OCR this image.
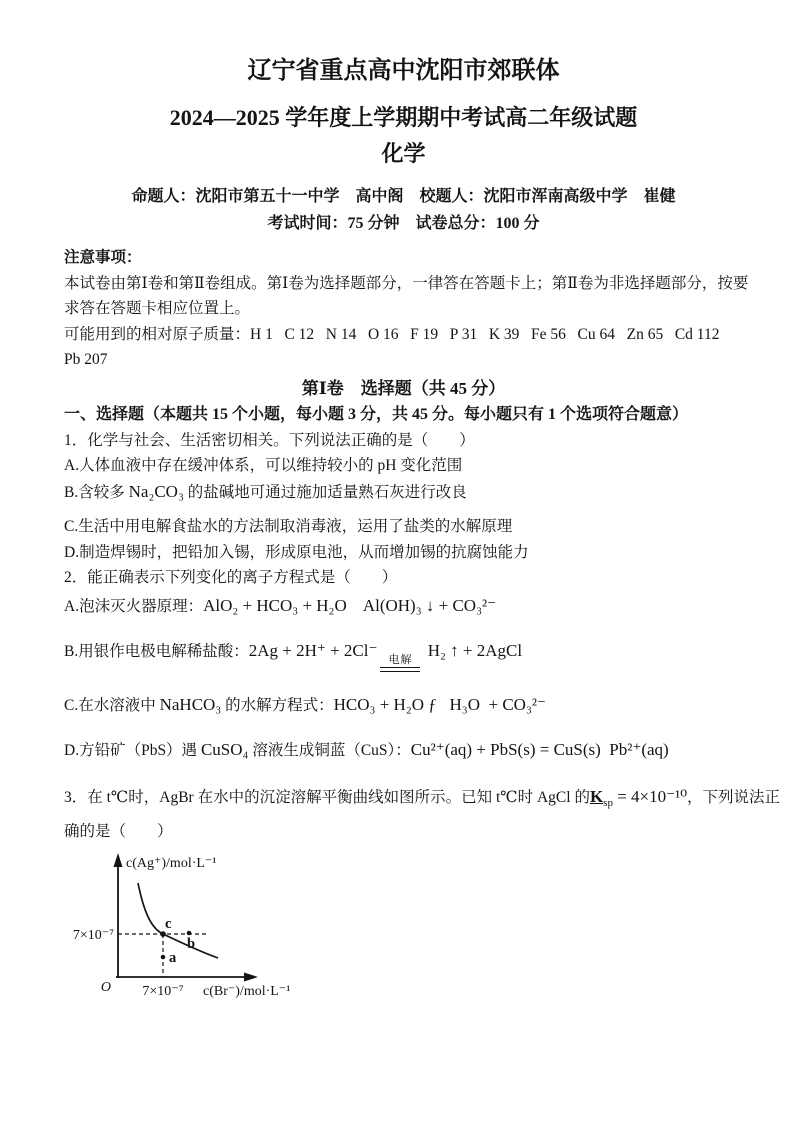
辽宁省重点高中沈阳市郊联体

2024—2025 学年度上学期期中考试高二年级试题

化学

命题人：沈阳市第五十一中学　高中阁　校题人：沈阳市浑南高级中学　崔健

考试时间：75 分钟　试卷总分：100 分

注意事项：

本试卷由第Ⅰ卷和第Ⅱ卷组成。第Ⅰ卷为选择题部分，一律答在答题卡上；第Ⅱ卷为非选择题部分，按要

求答在答题卡相应位置上。

可能用到的相对原子质量：H 1   C 12   N 14   O 16   F 19   P 31   K 39   Fe 56   Cu 64   Zn 65   Cd 112

Pb 207

第Ⅰ卷　选择题（共 45 分）

一、选择题（本题共 15 个小题，每小题 3 分，共 45 分。每小题只有 1 个选项符合题意）

1．化学与社会、生活密切相关。下列说法正确的是（　　）

A.人体血液中存在缓冲体系，可以维持较小的 pH 变化范围

B.含较多 Na₂CO₃ 的盐碱地可通过施加适量熟石灰进行改良

C.生活中用电解食盐水的方法制取消毒液，运用了盐类的水解原理

D.制造焊锡时，把铅加入锡，形成原电池，从而增加锡的抗腐蚀能力

2．能正确表示下列变化的离子方程式是（　　）

A.泡沫灭火器原理：AlO₂ + HCO₃ + H₂O    Al(OH)₃ ↓ + CO₃²⁻

B.用银作电极电解稀盐酸：2Ag + 2H⁺ + 2Cl⁻ 电解 H₂ ↑ + 2AgCl

C.在水溶液中 NaHCO₃ 的水解方程式：HCO₃ + H₂O ƒ   H₃O  + CO₃²⁻

D.方铅矿（PbS）遇 CuSO₄ 溶液生成铜蓝（CuS）：Cu²⁺(aq) + PbS(s) = CuS(s)  Pb²⁺(aq)

3．在 t℃时，AgBr 在水中的沉淀溶解平衡曲线如图所示。已知 t℃时 AgCl 的$K_{sp} = 4\times 10^{-10}$，下列说法正

确的是（　　）

c
b
a
c(Ag⁺)/mol·L⁻¹
7×10⁻⁷
O 7×10⁻⁷ c(Br⁻)/mol·L⁻¹
